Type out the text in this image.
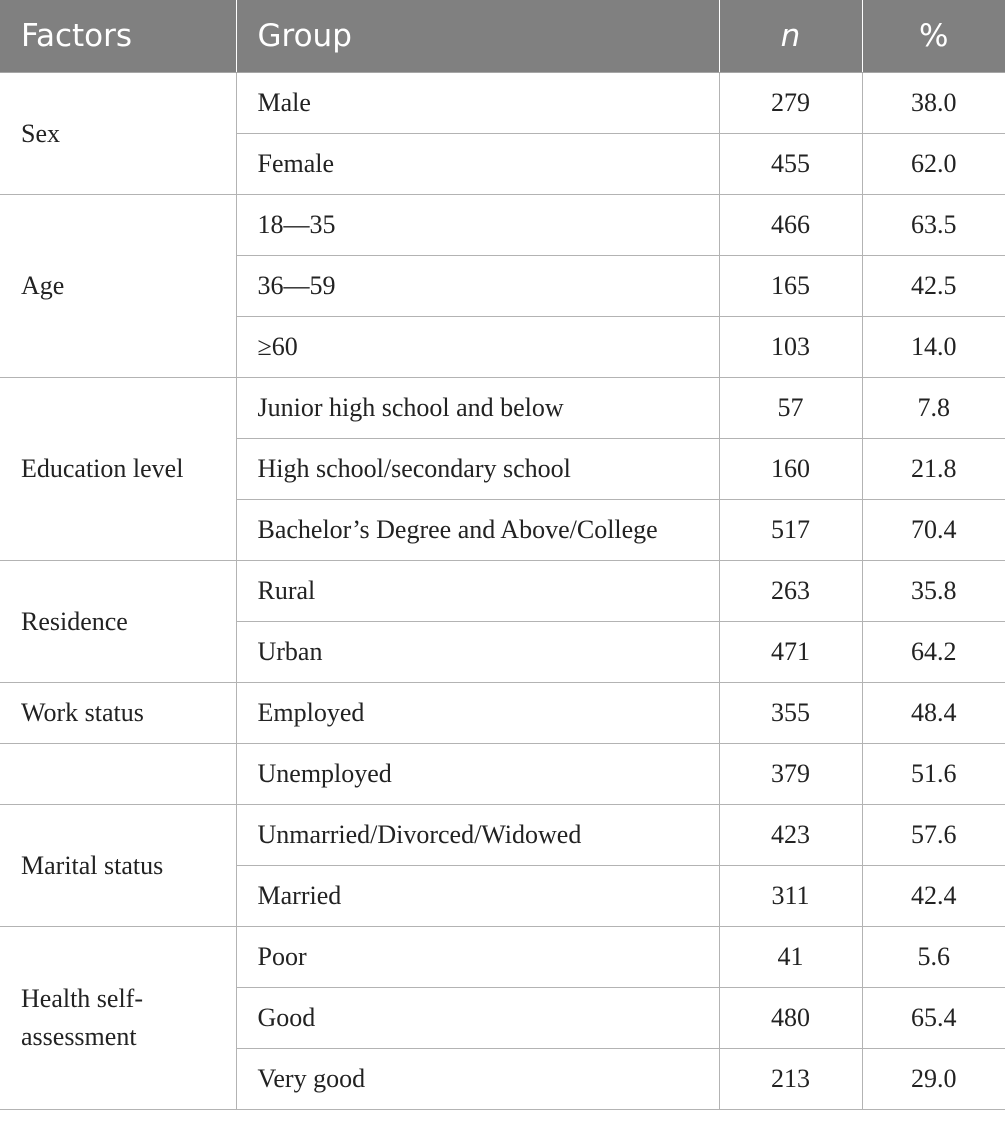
Factors	Group	n	%
Sex	Male	279	38.0
	Female	455	62.0
Age	18—35	466	63.5
	36—59	165	42.5
	≥60	103	14.0
Education level	Junior high school and below	57	7.8
	High school/secondary school	160	21.8
	Bachelor’s Degree and Above/College	517	70.4
Residence	Rural	263	35.8
	Urban	471	64.2
Work status	Employed	355	48.4
	Unemployed	379	51.6
Marital status	Unmarried/Divorced/Widowed	423	57.6
	Married	311	42.4

Health self-assessment	Poor	41	5.6
	Good	480	65.4
	Very good	213	29.0
